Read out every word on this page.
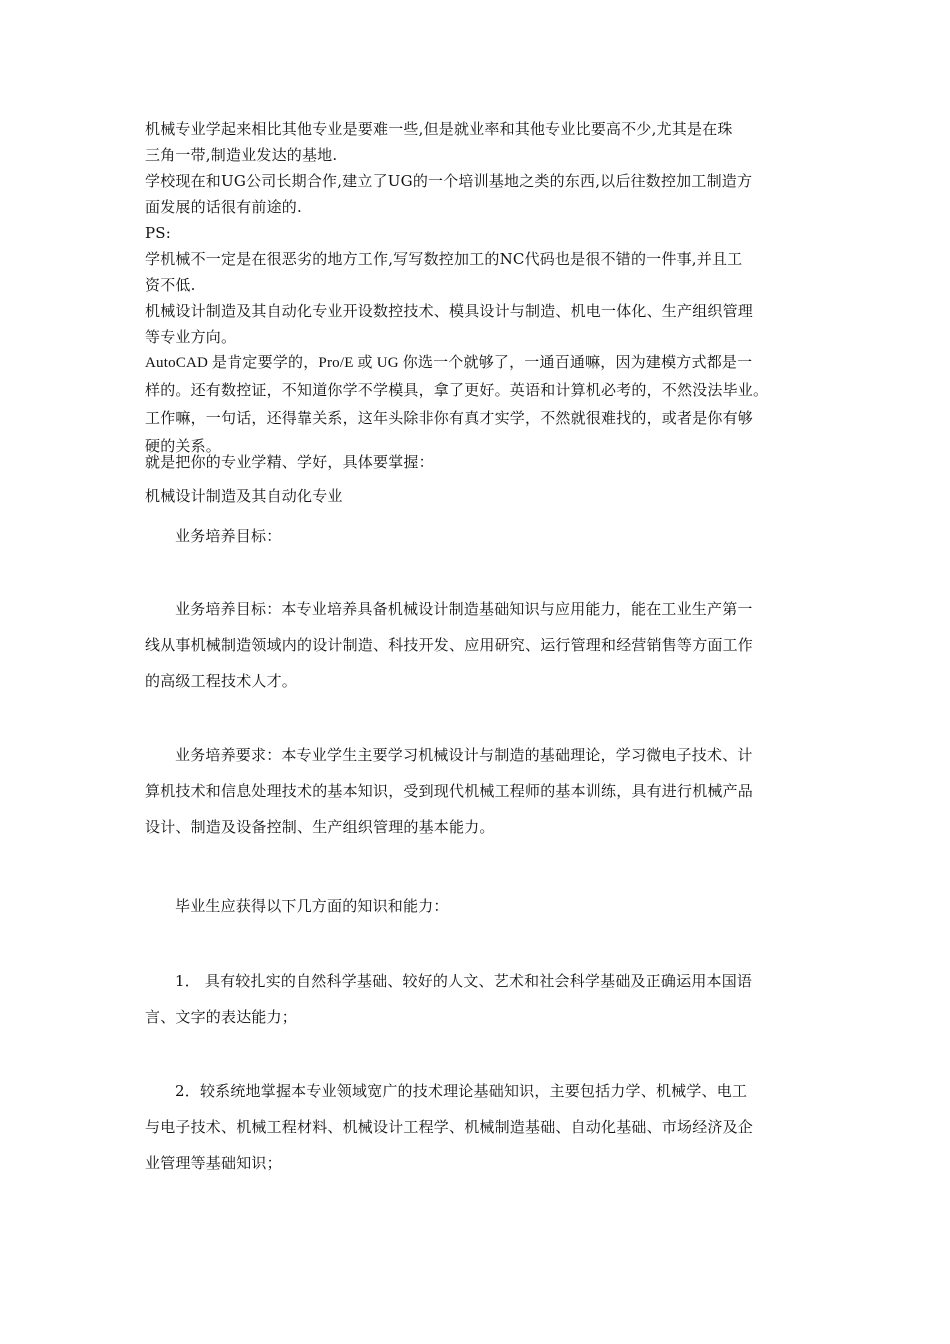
机械专业学起来相比其他专业是要难一些,但是就业率和其他专业比要高不少,尤其是在珠
三角一带,制造业发达的基地.
学校现在和UG公司长期合作,建立了UG的一个培训基地之类的东西,以后往数控加工制造方
面发展的话很有前途的.
PS:
学机械不一定是在很恶劣的地方工作,写写数控加工的NC代码也是很不错的一件事,并且工
资不低.
机械设计制造及其自动化专业开设数控技术、模具设计与制造、机电一体化、生产组织管理
等专业方向。
AutoCAD 是肯定要学的，Pro/E 或 UG 你选一个就够了，一通百通嘛，因为建模方式都是一
样的。还有数控证，不知道你学不学模具，拿了更好。英语和计算机必考的，不然没法毕业。
工作嘛，一句话，还得靠关系，这年头除非你有真才实学，不然就很难找的，或者是你有够
硬的关系。
就是把你的专业学精、学好，具体要掌握：
机械设计制造及其自动化专业
业务培养目标：
业务培养目标：本专业培养具备机械设计制造基础知识与应用能力，能在工业生产第一
线从事机械制造领域内的设计制造、科技开发、应用研究、运行管理和经营销售等方面工作
的高级工程技术人才。
业务培养要求：本专业学生主要学习机械设计与制造的基础理论，学习微电子技术、计
算机技术和信息处理技术的基本知识，受到现代机械工程师的基本训练，具有进行机械产品
设计、制造及设备控制、生产组织管理的基本能力。
毕业生应获得以下几方面的知识和能力：
1． 具有较扎实的自然科学基础、较好的人文、艺术和社会科学基础及正确运用本国语
言、文字的表达能力；
2．较系统地掌握本专业领域宽广的技术理论基础知识，主要包括力学、机械学、电工
与电子技术、机械工程材料、机械设计工程学、机械制造基础、自动化基础、市场经济及企
业管理等基础知识；
